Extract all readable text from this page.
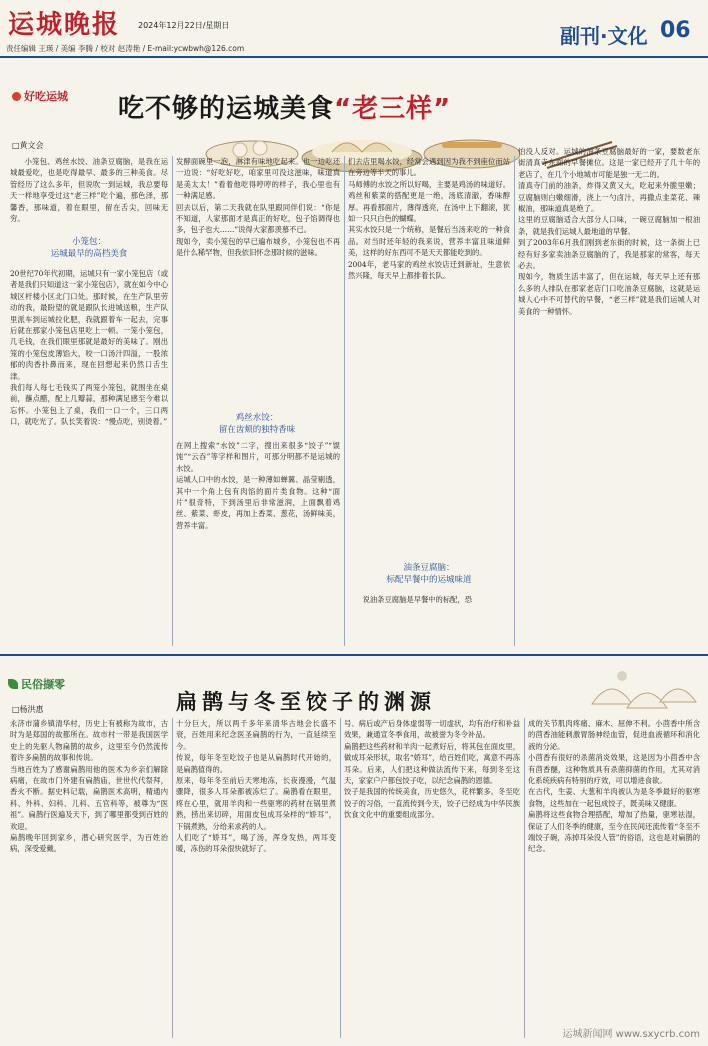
运城晚报 2024年12月22日/星期日
责任编辑 王瑛 / 美编 李腾 / 校对 赵涛艳 / E-mail:ycwbwh@126.com
副刊·文化 06
好吃运城 吃不够的运城美食“老三样”
□黄文会

小笼包、鸡丝水饺、油条豆腐脑，是我在运城最爱吃，也是吃得最早、最多的三种美食。尽管经历了这么多年，但说吹一到运城，我总要每天一样地享受过这“老三样”吃个遍，那色泽，那馨香，那味道，着在眼里，留在舌尖，回味无穷。

小笼包：
运城最早的高档美食
20世纪70年代初期，运城只有一家小笼包店（或者是我们只知道这一家小笼包店），就在如今中心城区杆楼小区北门口处。那时候，在生产队里劳动的我，最盼望的就是跟队长进城送粮，生产队里派车到运城拉化肥，我就跟着车一起去，完事后就在那家小笼包店里吃上一顿。一笼小笼包，几毛钱，在我们眼里那就是最好的美味了。刚出笼的小笼包皮薄馅大，咬一口汤汁四溢，一股浓郁的肉香扑鼻而来，现在回想起来仍然口舌生津。
我们每人每七毛钱买了两笼小笼包，就围坐在桌前，蘸点醋，配上几瓣蒜，那种满足感至今难以忘怀。小笼包上了桌，我们一口一个，三口两口，就吃光了。队长笑着说：“慢点吃，别烫着。”
发酵面碗里一泡，淋津有味地吃起来。也一边吃还一边说：“好吃好吃，咱家里可没这滋味，味道真是美太太！”看着他吃得哼哼的样子，我心里也有一种满足感。
回去以后，第二天我就在队里跟同伴们说：“你是不知道，人家那面才是真正的好吃，包子馅调得也多，包子也大……”说得大家都羡慕不已。
现如今，卖小笼包的早已遍布城乡，小笼包也不再是什么稀罕物，但我依旧怀念那时候的滋味。
鸡丝水饺：
留在齿颊的独特香味
在网上搜索“水饺”二字，搜出来很多“饺子”“馄饨”“云吞”等字样和图片，可那分明都不是运城的水饺。
运城人口中的水饺，是一种薄如蝉翼、晶莹剔透，其中一个角上包有肉馅的面片类食物。这种“面片”很奇特，下到汤里后非常滋润，上面飘着鸡丝、紫菜、虾皮，再加上香菜、葱花，汤鲜味美，营养丰富。
们去店里喝水饺，经常会遇到因为我不到座位而站在旁边等半天的事儿。
马师傅的水饺之所以好喝，主要是鸡汤的味道好。鸡丝和紫菜的搭配更是一绝，汤底清澈，香味醇厚。再看那面片，薄得透亮，在汤中上下翻滚，犹如一只只白色的蝴蝶。
其实水饺只是一个统称，是餐后当汤来吃的一种食品。对当时还年轻的我来说，营养丰富且味道鲜美，这样的好东西可不是天天都能吃到的。
2004年，老马家的鸡丝水饺店迁到新址，生意依然兴隆，每天早上都排着长队。
油条豆腐脑：
标配早餐中的运城味道

说油条豆腐脑是早餐中的标配，恐

怕没人反对。运城的油条豆腐脑最好的一家，要数老东街清真寺东面的早餐摊位。这是一家已经开了几十年的老店了，在几个小地城市可能是独一无二的。
清真寺门前的油条，炸得又黄又大，吃起来外脆里嫩；豆腐脑则白嫩细滑，浇上一勺卤汁，再撒点韭菜花、辣椒油，那味道真是绝了。
这里的豆腐脑适合大部分人口味，一碗豆腐脑加一根油条，就是我们运城人最地道的早餐。
到了2003年6月我们刚到老东街的时候，这一条街上已经有好多家卖油条豆腐脑的了，我是那家的常客，每天必去。
现如今，物质生活丰富了，但在运城，每天早上还有那么多的人排队在那家老店门口吃油条豆腐脑，这就是运城人心中不可替代的早餐，“老三样”就是我们运城人对美食的一种情怀。
民俗撷零
扁鹊与冬至饺子的渊源
□杨洪惠
永济市蒲乡镇清华村，历史上有被称为故市，古时为是郑国的故都所在。故市村一带是我国医学史上的先驱人物扁鹊的故乡，这里至今仍然流传着许多扁鹊的故事和传说。
当地百姓为了感谢扁鹊用他的医术为乡亲们解除病痛，在故市门外建有扁鹊庙，世世代代祭拜，香火不断。据史料记载，扁鹊医术高明，精通内科、外科、妇科、儿科、五官科等，被尊为“医祖”。扁鹊行医遍及天下，到了哪里都受到百姓的欢迎。
扁鹊晚年回到家乡，潜心研究医学，为百姓治病，深受爱戴。
十分巨大，所以两千多年来清华古地会长盛不衰，百姓用来纪念医圣扁鹊的行为，一直延续至今。
传说，每年冬至吃饺子也是从扁鹊时代开始的，是扁鹊值得的。
原来，每年冬至前后天寒地冻，长夜漫漫，气温骤降，很多人耳朵都被冻烂了。扁鹊看在眼里，疼在心里，就用羊肉和一些驱寒的药材在锅里煮熟，捞出来切碎，用面皮包成耳朵样的“娇耳”，下锅煮熟，分给来求药的人。
人们吃了“娇耳”，喝了汤，浑身发热，两耳变暖，冻伤的耳朵很快就好了。
号、病后或产后身体虚弱等一切虚状，均有治疗和补益效果，兼通宣冬季食用，故被誉为冬令补品。
扁鹊把这些药材和羊肉一起煮好后，将其包在面皮里，做成耳朵形状，取名“娇耳”，给百姓们吃，寓意不再冻耳朵。后来，人们把这种做法流传下来，每到冬至这天，家家户户都包饺子吃，以纪念扁鹊的恩德。
饺子是我国的传统美食，历史悠久，花样繁多。冬至吃饺子的习俗，一直流传到今天，饺子已经成为中华民族饮食文化中的重要组成部分。
成的关节肌肉疼痛、麻木、屈伸不利。小茴香中所含的茴香油能刺激胃肠神经血管，促进血液循环和消化液的分泌。
小茴香有很好的杀菌消炎效果，这是因为小茴香中含有茴香醚，这种物质具有杀菌抑菌的作用，尤其对消化系统疾病有特别的疗效，可以增进食欲。
在古代，生姜、大葱和羊肉被认为是冬季最好的驱寒食物，这些加在一起包成饺子，既美味又健康。
扁鹊将这些食物合理搭配，增加了热量，驱寒祛湿，保证了人们冬季的健康，至今在民间还流传着“冬至不端饺子碗，冻掉耳朵没人管”的俗语，这也是对扁鹊的纪念。
运城新闻网 www.sxycrb.com
